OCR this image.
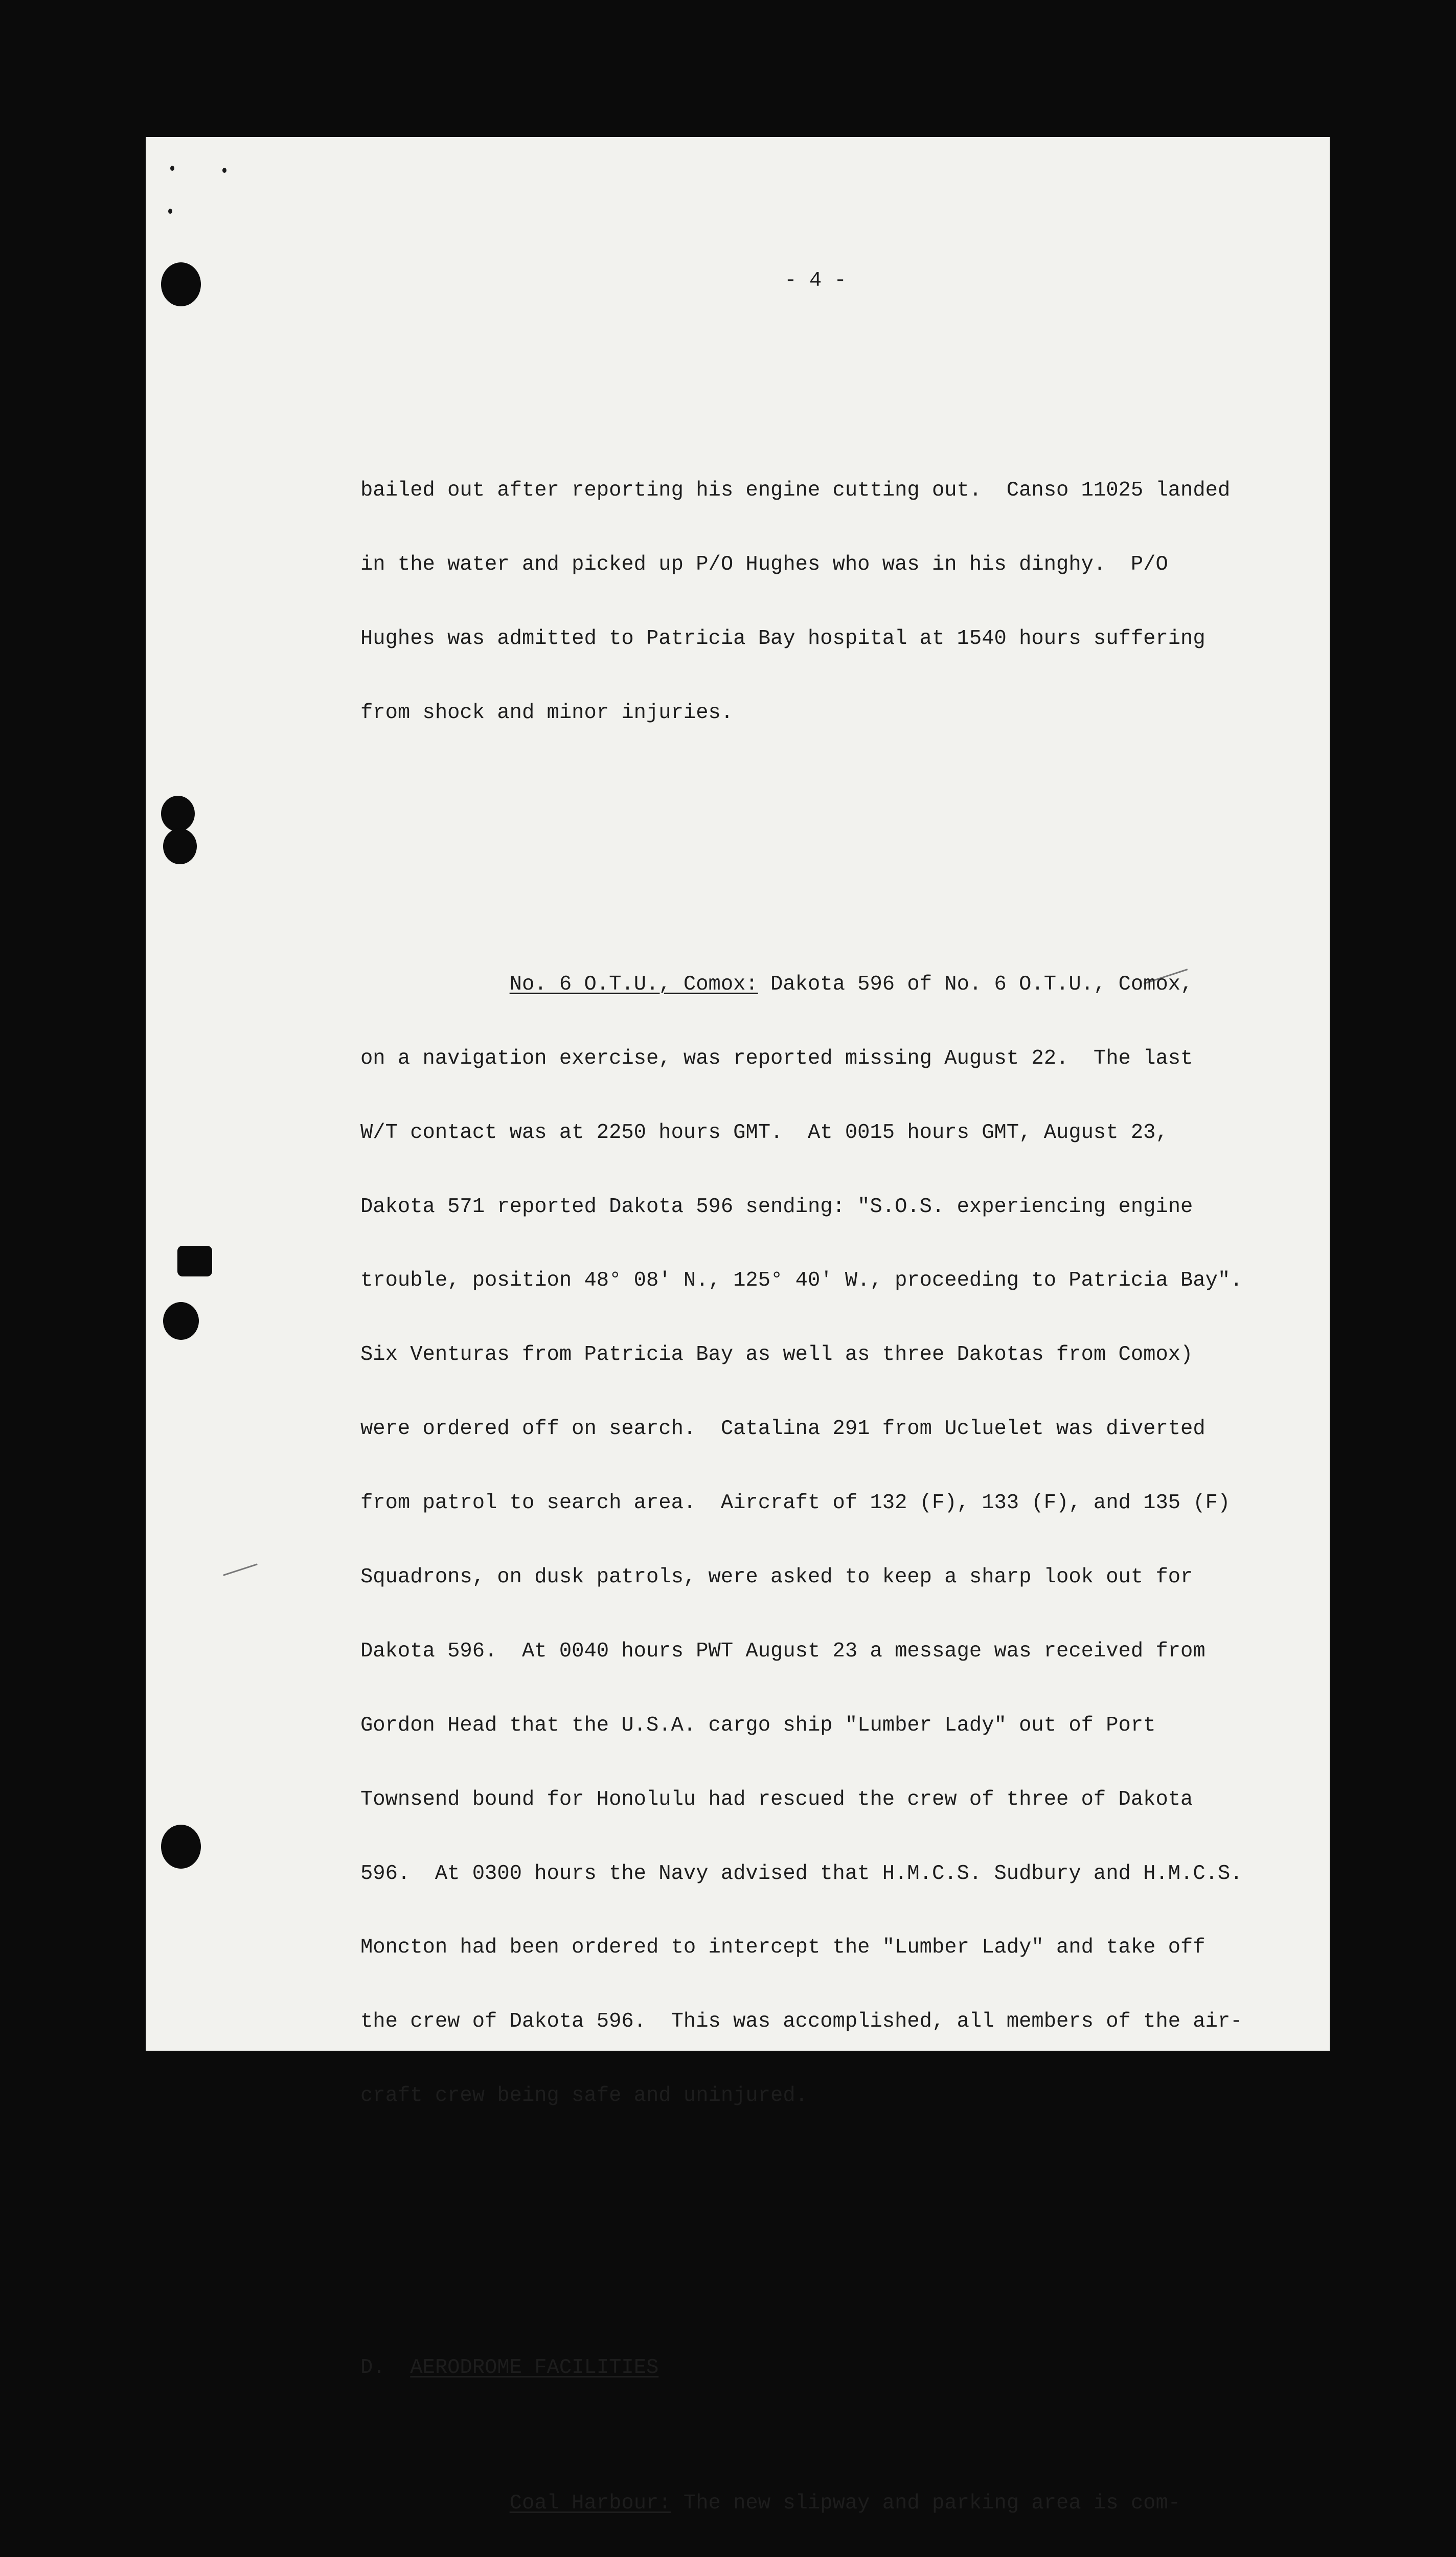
- 4 -

bailed out after reporting his engine cutting out.  Canso 11025 landed

in the water and picked up P/O Hughes who was in his dinghy.  P/O

Hughes was admitted to Patricia Bay hospital at 1540 hours suffering

from shock and minor injuries.

No. 6 O.T.U., Comox: Dakota 596 of No. 6 O.T.U., Comox,

on a navigation exercise, was reported missing August 22.  The last

W/T contact was at 2250 hours GMT.  At 0015 hours GMT, August 23,

Dakota 571 reported Dakota 596 sending: "S.O.S. experiencing engine

trouble, position 48° 08' N., 125° 40' W., proceeding to Patricia Bay".

Six Venturas from Patricia Bay as well as three Dakotas from Comox)

were ordered off on search.  Catalina 291 from Ucluelet was diverted

from patrol to search area.  Aircraft of 132 (F), 133 (F), and 135 (F)

Squadrons, on dusk patrols, were asked to keep a sharp look out for

Dakota 596.  At 0040 hours PWT August 23 a message was received from

Gordon Head that the U.S.A. cargo ship "Lumber Lady" out of Port

Townsend bound for Honolulu had rescued the crew of three of Dakota

596.  At 0300 hours the Navy advised that H.M.C.S. Sudbury and H.M.C.S.

Moncton had been ordered to intercept the "Lumber Lady" and take off

the crew of Dakota 596.  This was accomplished, all members of the air-

craft crew being safe and uninjured.

D. AERODROME FACILITIES

Coal Harbour: The new slipway and parking area is com-
